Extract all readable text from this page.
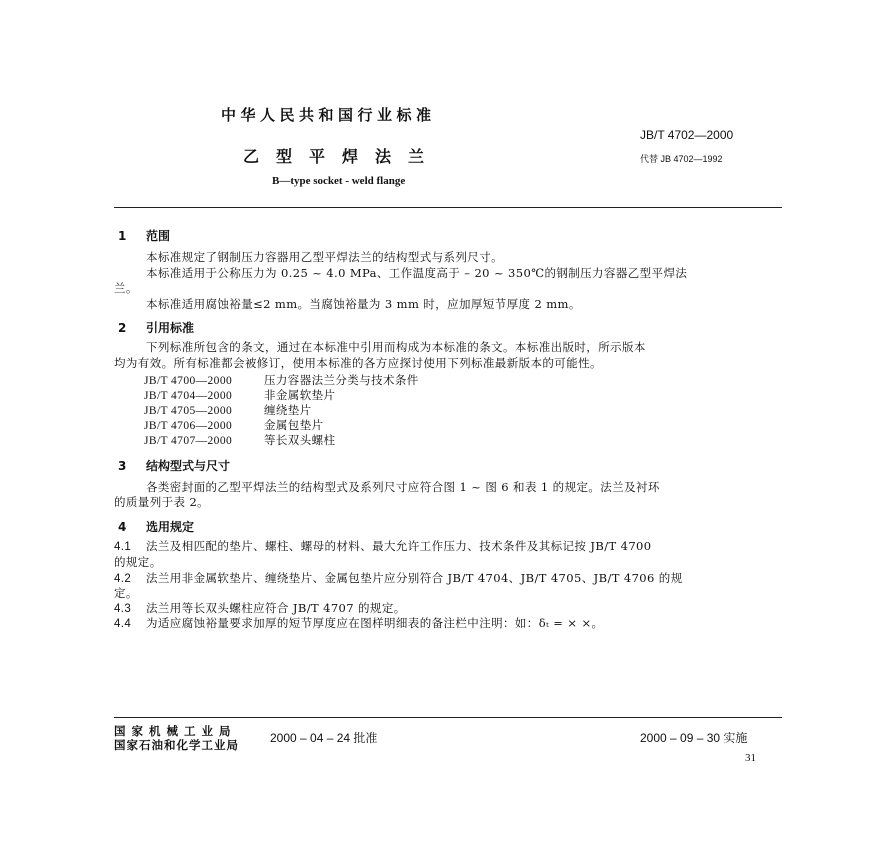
中华人民共和国行业标准
乙型平焊法兰
B—type socket - weld flange
JB/T 4702—2000
代替 JB 4702—1992
1 范围
本标准规定了钢制压力容器用乙型平焊法兰的结构型式与系列尺寸。
本标准适用于公称压力为 0.25 ~ 4.0 MPa、工作温度高于 – 20 ~ 350℃的钢制压力容器乙型平焊法
兰。
本标准适用腐蚀裕量≤2 mm。当腐蚀裕量为 3 mm 时，应加厚短节厚度 2 mm。
2 引用标准
下列标准所包含的条文，通过在本标准中引用而构成为本标准的条文。本标准出版时，所示版本
均为有效。所有标准都会被修订，使用本标准的各方应探讨使用下列标准最新版本的可能性。
JB/T 4700—2000	压力容器法兰分类与技术条件
JB/T 4704—2000	非金属软垫片
JB/T 4705—2000	缠绕垫片
JB/T 4706—2000	金属包垫片
JB/T 4707—2000	等长双头螺柱
3 结构型式与尺寸
各类密封面的乙型平焊法兰的结构型式及系列尺寸应符合图 1 ~ 图 6 和表 1 的规定。法兰及衬环
的质量列于表 2。
4 选用规定
4.1 法兰及相匹配的垫片、螺柱、螺母的材料、最大允许工作压力、技术条件及其标记按 JB/T 4700
的规定。
4.2 法兰用非金属软垫片、缠绕垫片、金属包垫片应分别符合 JB/T 4704、JB/T 4705、JB/T 4706 的规
定。
4.3 法兰用等长双头螺柱应符合 JB/T 4707 的规定。
4.4 为适应腐蚀裕量要求加厚的短节厚度应在图样明细表的备注栏中注明：如：δₜ = × ×。
国 家 机 械 工 业 局
国家石油和化学工业局	2000 – 04 – 24 批准	2000 – 09 – 30 实施
31
